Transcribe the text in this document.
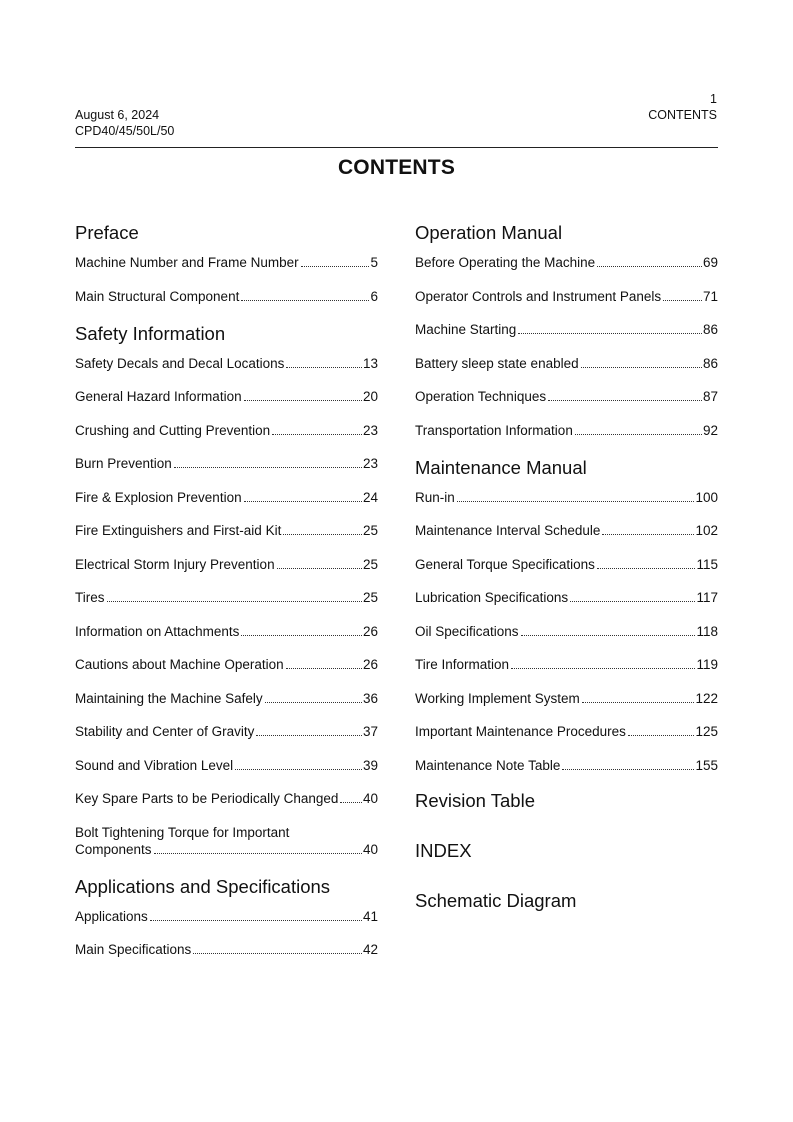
August 6, 2024
CPD40/45/50L/50
1
CONTENTS
CONTENTS
Preface
Machine Number and Frame Number	5
Main Structural Component	6
Safety Information
Safety Decals and Decal Locations	13
General Hazard Information	20
Crushing and Cutting Prevention	23
Burn Prevention	23
Fire & Explosion Prevention	24
Fire Extinguishers and First-aid Kit	25
Electrical Storm Injury Prevention	25
Tires	25
Information on Attachments	26
Cautions about Machine Operation	26
Maintaining the Machine Safely	36
Stability and Center of Gravity	37
Sound and Vibration Level	39
Key Spare Parts to be Periodically Changed 40
Bolt Tightening Torque for Important
Components	40
Applications and Specifications
Applications	41
Main Specifications	42
Operation Manual
Before Operating the Machine	69
Operator Controls and Instrument Panels	71
Machine Starting	86
Battery sleep state enabled	86
Operation Techniques	87
Transportation Information	92
Maintenance Manual
Run-in	100
Maintenance Interval Schedule	102
General Torque Specifications	115
Lubrication Specifications	117
Oil Specifications	118
Tire Information	119
Working Implement System	122
Important Maintenance Procedures	125
Maintenance Note Table	155
Revision Table
INDEX
Schematic Diagram
